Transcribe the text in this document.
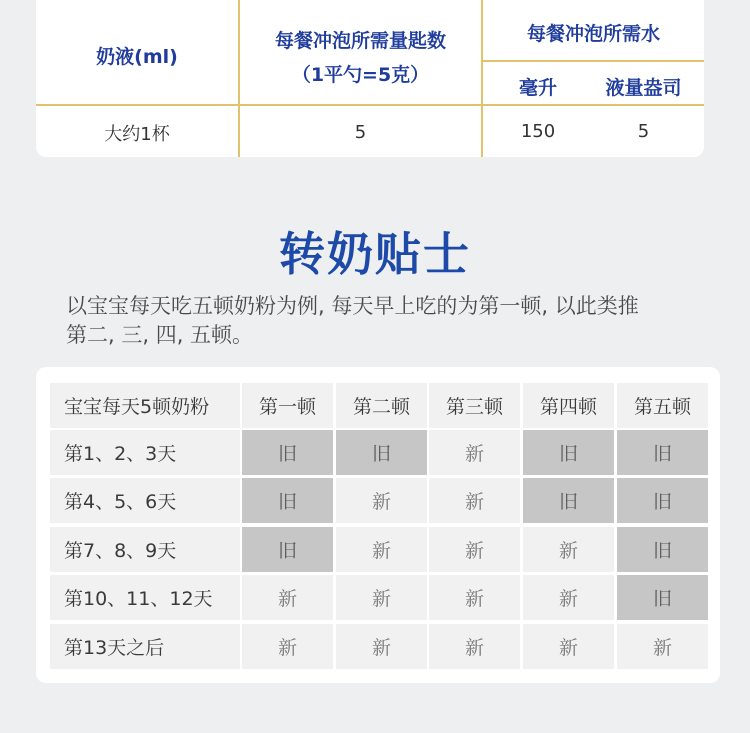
奶液(ml)
每餐冲泡所需量匙数
（1平勺=5克）
每餐冲泡所需水
毫升	液量盎司
大约1杯	5	150	5
转奶贴士
以宝宝每天吃五顿奶粉为例, 每天早上吃的为第一顿, 以此类推
第二, 三, 四, 五顿。
宝宝每天5顿奶粉	第一顿	第二顿	第三顿	第四顿	第五顿
第1、2、3天	旧	旧	新	旧	旧
第4、5、6天	旧	新	新	旧	旧
第7、8、9天	旧	新	新	新	旧
第10、11、12天	新	新	新	新	旧
第13天之后	新	新	新	新	新
